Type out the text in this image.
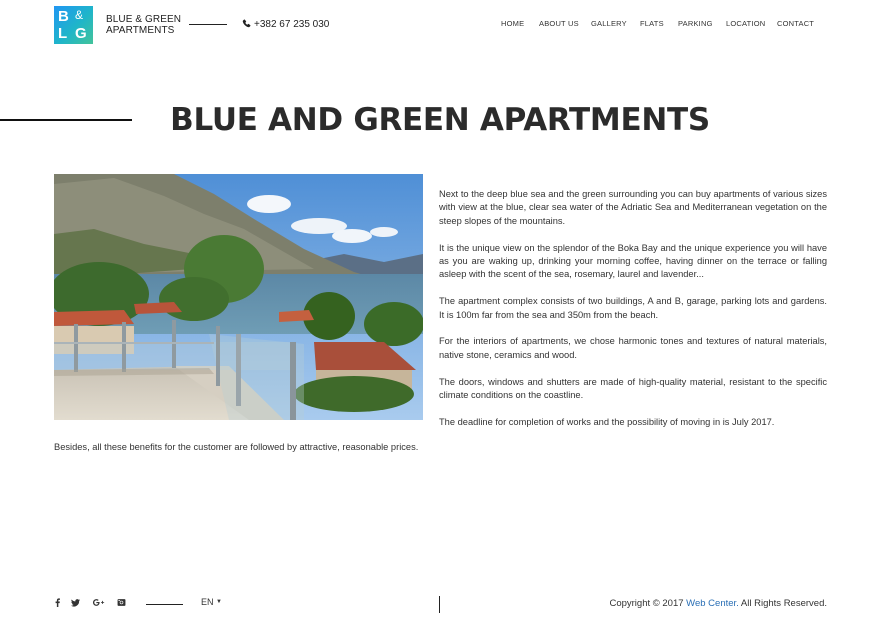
B &
L G
BLUE & GREEN
APARTMENTS
+382 67 235 030	HOME ABOUT US GALLERY FLATS PARKING LOCATION CONTACT
BLUE AND GREEN APARTMENTS

Next to the deep blue sea and the green surrounding you can buy apartments of various sizes with view at the blue, clear sea water of the Adriatic Sea and Mediterranean vegetation on the steep slopes of the mountains.

It is the unique view on the splendor of the Boka Bay and the unique experience you will have as you are waking up, drinking your morning coffee, having dinner on the terrace or falling asleep with the scent of the sea, rosemary, laurel and lavender...

The apartment complex consists of two buildings, A and B, garage, parking lots and gardens. It is 100m far from the sea and 350m from the beach.

For the interiors of apartments, we chose harmonic tones and textures of natural materials, native stone, ceramics and wood.

The doors, windows and shutters are made of high-quality material, resistant to the specific climate conditions on the coastline.

The deadline for completion of works and the possibility of moving in is July 2017.

Besides, all these benefits for the customer are followed by attractive, reasonable prices.
EN ▼	Copyright © 2017 Web Center. All Rights Reserved.
